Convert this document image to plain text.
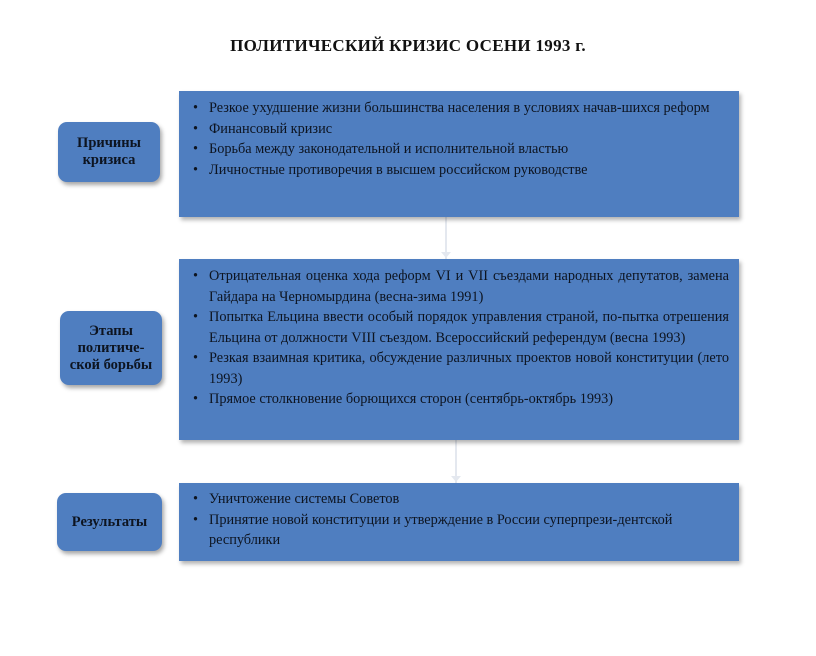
ПОЛИТИЧЕСКИЙ КРИЗИС ОСЕНИ 1993 г.
Причины кризиса
• Резкое ухудшение жизни большинства населения в условиях начав-шихся реформ
• Финансовый кризис
• Борьба между законодательной и исполнительной властью
• Личностные противоречия в высшем российском руководстве
Этапы политиче-ской борьбы
• Отрицательная оценка хода реформ VI и VII съездами народных депутатов, замена Гайдара на Черномырдина (весна-зима 1991)
• Попытка Ельцина ввести особый порядок управления страной, по-пытка отрешения Ельцина от должности VIII съездом. Всероссийский референдум (весна 1993)
• Резкая взаимная критика, обсуждение различных проектов новой конституции (лето 1993)
• Прямое столкновение борющихся сторон (сентябрь-октябрь 1993)
Результаты
• Уничтожение системы Советов
• Принятие новой конституции и утверждение в России суперпрези-дентской республики
